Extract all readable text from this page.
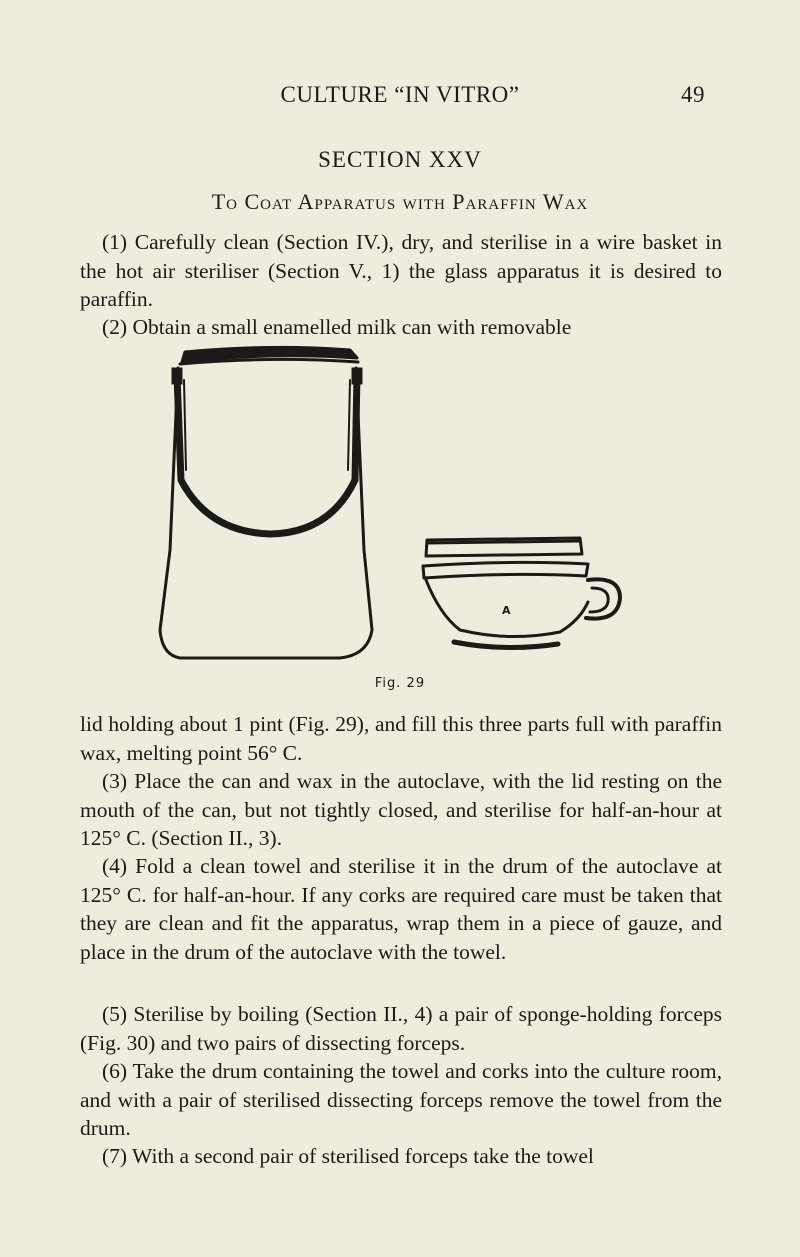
CULTURE “IN VITRO”	49
SECTION XXV
To Coat Apparatus with Paraffin Wax

(1) Carefully clean (Section IV.), dry, and sterilise in a wire basket in the hot air steriliser (Section V., 1) the glass apparatus it is desired to paraffin.

(2) Obtain a small enamelled milk can with removable

A
Fig. 29

lid holding about 1 pint (Fig. 29), and fill this three parts full with paraffin wax, melting point 56° C.

(3) Place the can and wax in the autoclave, with the lid resting on the mouth of the can, but not tightly closed, and sterilise for half-an-hour at 125° C. (Section II., 3).

(4) Fold a clean towel and sterilise it in the drum of the autoclave at 125° C. for half-an-hour. If any corks are required care must be taken that they are clean and fit the apparatus, wrap them in a piece of gauze, and place in the drum of the autoclave with the towel.

(5) Sterilise by boiling (Section II., 4) a pair of sponge-holding forceps (Fig. 30) and two pairs of dissecting forceps.

(6) Take the drum containing the towel and corks into the culture room, and with a pair of sterilised dissecting forceps remove the towel from the drum.

(7) With a second pair of sterilised forceps take the towel
